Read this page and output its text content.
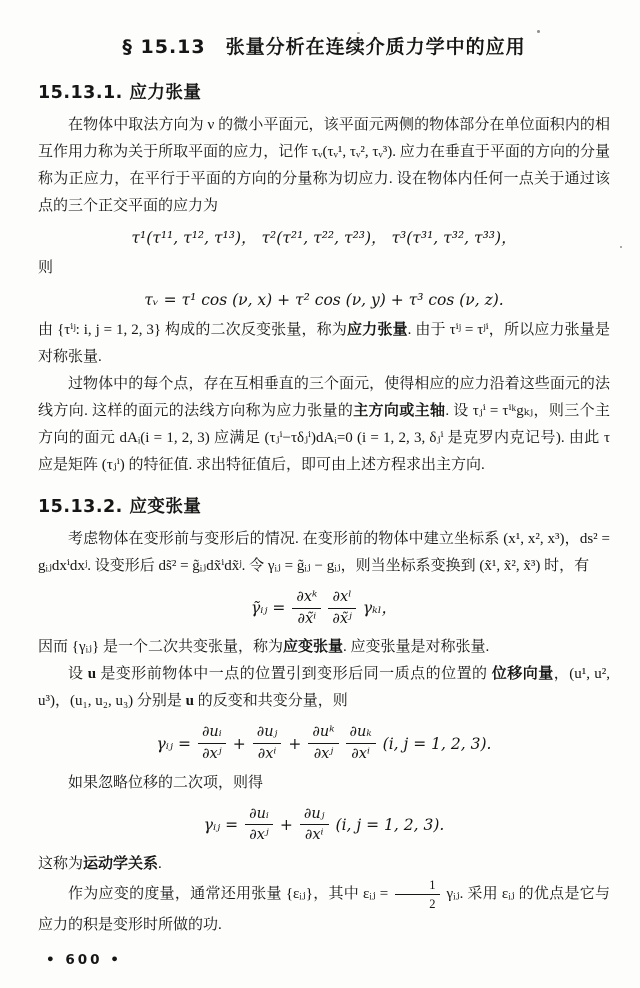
§ 15.13　张量分析在连续介质力学中的应用
15.13.1. 应力张量

在物体中取法方向为 ν 的微小平面元，该平面元两侧的物体部分在单位面积内的相互作用力称为关于所取平面的应力，记作 τᵥ(τᵥ¹, τᵥ², τᵥ³). 应力在垂直于平面的方向的分量称为正应力，在平行于平面的方向的分量称为切应力. 设在物体内任何一点关于通过该点的三个正交平面的应力为

τ¹(τ¹¹, τ¹², τ¹³)， τ²(τ²¹, τ²², τ²³)， τ³(τ³¹, τ³², τ³³)，

则

τᵥ = τ¹ cos (ν, x) + τ² cos (ν, y) + τ³ cos (ν, z).

由 {τⁱʲ: i, j = 1, 2, 3} 构成的二次反变张量，称为应力张量. 由于 τⁱʲ = τʲⁱ，所以应力张量是对称张量.

过物体中的每个点，存在互相垂直的三个面元，使得相应的应力沿着这些面元的法线方向. 这样的面元的法线方向称为应力张量的主方向或主轴. 设 τⱼⁱ = τⁱᵏgₖⱼ，则三个主方向的面元 dAᵢ(i = 1, 2, 3) 应满足 (τⱼⁱ−τδⱼⁱ)dAᵢ=0 (i = 1, 2, 3, δⱼⁱ 是克罗内克记号). 由此 τ 应是矩阵 (τⱼⁱ) 的特征值. 求出特征值后，即可由上述方程求出主方向.

15.13.2. 应变张量

考虑物体在变形前与变形后的情况. 在变形前的物体中建立坐标系 (x¹, x², x³)，ds² = gᵢⱼdxⁱdxʲ. 设变形后 ds̃² = g̃ᵢⱼdx̃ⁱdx̃ʲ. 令 γᵢⱼ = g̃ᵢⱼ − gᵢⱼ，则当坐标系变换到 (x̃¹, x̃², x̃³) 时，有

γ̃ᵢⱼ = $\frac{\text{∂xᵏ}}{\text{∂x̃ⁱ}} \frac{\text{∂xˡ}}{\text{∂x̃ʲ}}$ γₖₗ，

因而 {γᵢⱼ} 是一个二次共变张量，称为应变张量. 应变张量是对称张量.

设 u 是变形前物体中一点的位置引到变形后同一质点的位置的 位移向量，(u¹, u², u³)，(u₁, u₂, u₃) 分别是 u 的反变和共变分量，则

γᵢⱼ = $\frac{\text{∂uᵢ}}{\text{∂xʲ}} + \frac{\text{∂uⱼ}}{\text{∂xⁱ}} + \frac{\text{∂uᵏ}}{\text{∂xʲ}} \frac{\text{∂uₖ}}{\text{∂xⁱ}} (i$, j = 1, 2, 3).

如果忽略位移的二次项，则得

γᵢⱼ = $\frac{\text{∂uᵢ}}{\text{∂xʲ}} + \frac{\text{∂uⱼ}}{\text{∂xⁱ}} (i$, j = 1, 2, 3).

这称为运动学关系.

作为应变的度量，通常还用张量 {εᵢⱼ}，其中 εᵢⱼ = $\frac{1}{2}$ γᵢⱼ. 采用 εᵢⱼ 的优点是它与应力的积是变形时所做的功.

• 600 •
